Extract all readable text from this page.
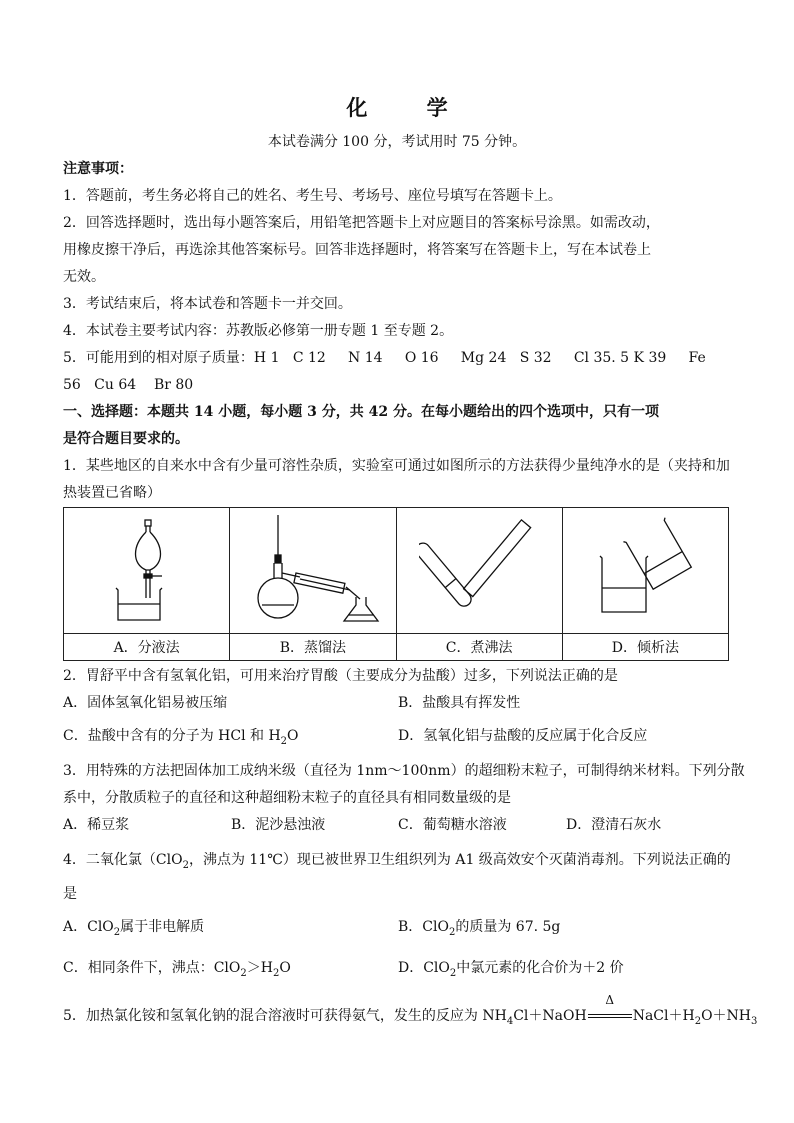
化 学
本试卷满分 100 分，考试用时 75 分钟。
注意事项：
1．答题前，考生务必将自己的姓名、考生号、考场号、座位号填写在答题卡上。
2．回答选择题时，选出每小题答案后，用铅笔把答题卡上对应题目的答案标号涂黑。如需改动，
用橡皮擦干净后，再选涂其他答案标号。回答非选择题时，将答案写在答题卡上，写在本试卷上
无效。
3．考试结束后，将本试卷和答题卡一并交回。
4．本试卷主要考试内容：苏教版必修第一册专题 1 至专题 2。
5．可能用到的相对原子质量：H 1   C 12     N 14     O 16     Mg 24   S 32     Cl 35. 5 K 39     Fe
56   Cu 64    Br 80
一、选择题：本题共 14 小题，每小题 3 分，共 42 分。在每小题给出的四个选项中，只有一项
是符合题目要求的。
1．某些地区的自来水中含有少量可溶性杂质，实验室可通过如图所示的方法获得少量纯净水的是（夹持和加
热装置已省略）

A．分液法	B．蒸馏法	C．煮沸法	D．倾析法
2．胃舒平中含有氢氧化铝，可用来治疗胃酸（主要成分为盐酸）过多，下列说法正确的是
A．固体氢氧化铝易被压缩	B．盐酸具有挥发性
C．盐酸中含有的分子为 HCl 和 $H_2O$	D．氢氧化铝与盐酸的反应属于化合反应
3．用特殊的方法把固体加工成纳米级（直径为 1nm～100nm）的超细粉末粒子，可制得纳米材料。下列分散
系中，分散质粒子的直径和这种超细粉末粒子的直径具有相同数量级的是
A．稀豆浆	B．泥沙悬浊液	C．葡萄糖水溶液	D．澄清石灰水
4．二氧化氯（ClO$_2$，沸点为 11℃）现已被世界卫生组织列为 A1 级高效安个灭菌消毒剂。下列说法正确的
是
A．ClO$_2$属于非电解质	B．ClO$_2$的质量为 67. 5g
C．相同条件下，沸点：$ClO_2>H_2O$	D．ClO$_2$中氯元素的化合价为＋2 价
5．加热氯化铵和氢氧化钠的混合溶液时可获得氨气，发生的反应为 $NH_4Cl+NaOH$
Δ
$NaCl+H_2O+NH_3$
